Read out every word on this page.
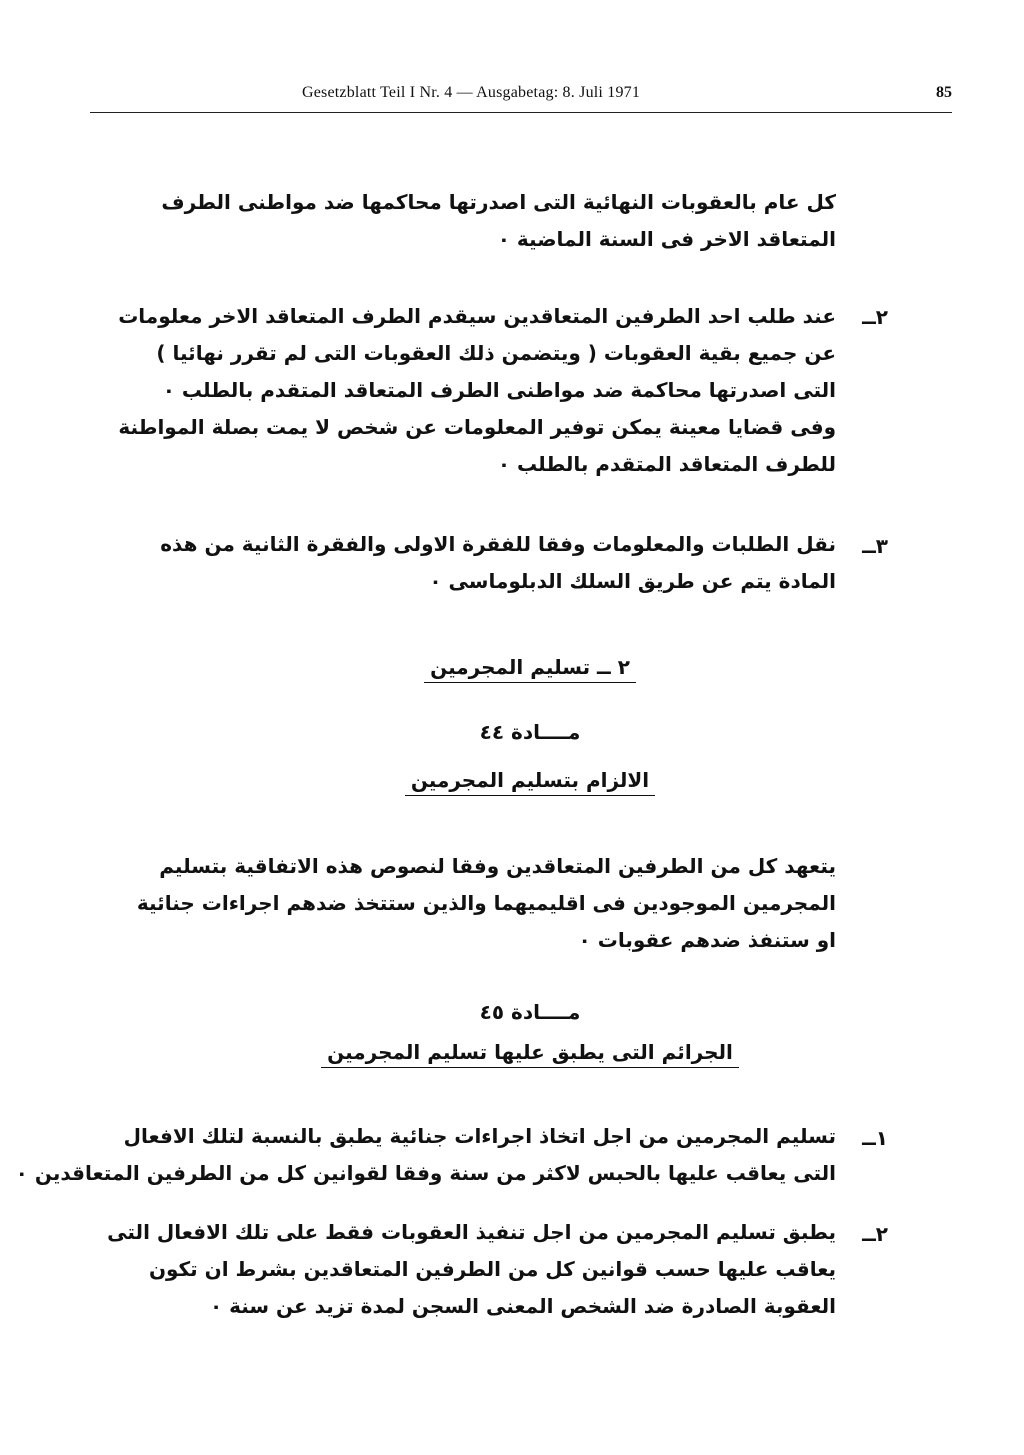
Gesetzblatt Teil I Nr. 4 — Ausgabetag: 8. Juli 1971	85
كل عام بالعقوبات النهائية التى اصدرتها محاكمها ضد مواطنى الطرف
المتعاقد الاخر فى السنة الماضية ٠
٢ــ
عند طلب احد الطرفين المتعاقدين سيقدم الطرف المتعاقد الاخر معلومات
عن جميع بقية العقوبات ( ويتضمن ذلك العقوبات التى لم تقرر نهائيا )
التى اصدرتها محاكمة ضد مواطنى الطرف المتعاقد المتقدم بالطلب ٠
وفى قضايا معينة يمكن توفير المعلومات عن شخص لا يمت بصلة المواطنة
للطرف المتعاقد المتقدم بالطلب ٠
٣ــ
نقل الطلبات والمعلومات وفقا للفقرة الاولى والفقرة الثانية من هذه
المادة يتم عن طريق السلك الدبلوماسى ٠
٢ ــ تسليم المجرمين
مــــادة ٤٤
الالزام بتسليم المجرمين
يتعهد كل من الطرفين المتعاقدين وفقا لنصوص هذه الاتفاقية بتسليم
المجرمين الموجودين فى اقليميهما والذين ستتخذ ضدهم اجراءات جنائية
او ستنفذ ضدهم عقوبات ٠
مــــادة ٤٥
الجرائم التى يطبق عليها تسليم المجرمين
١ــ
تسليم المجرمين من اجل اتخاذ اجراءات جنائية يطبق بالنسبة لتلك الافعال
التى يعاقب عليها بالحبس لاكثر من سنة وفقا لقوانين كل من الطرفين المتعاقدين ٠
٢ــ
يطبق تسليم المجرمين من اجل تنفيذ العقوبات فقط على تلك الافعال التى
يعاقب عليها حسب قوانين كل من الطرفين المتعاقدين بشرط ان تكون
العقوبة الصادرة ضد الشخص المعنى السجن لمدة تزيد عن سنة ٠
